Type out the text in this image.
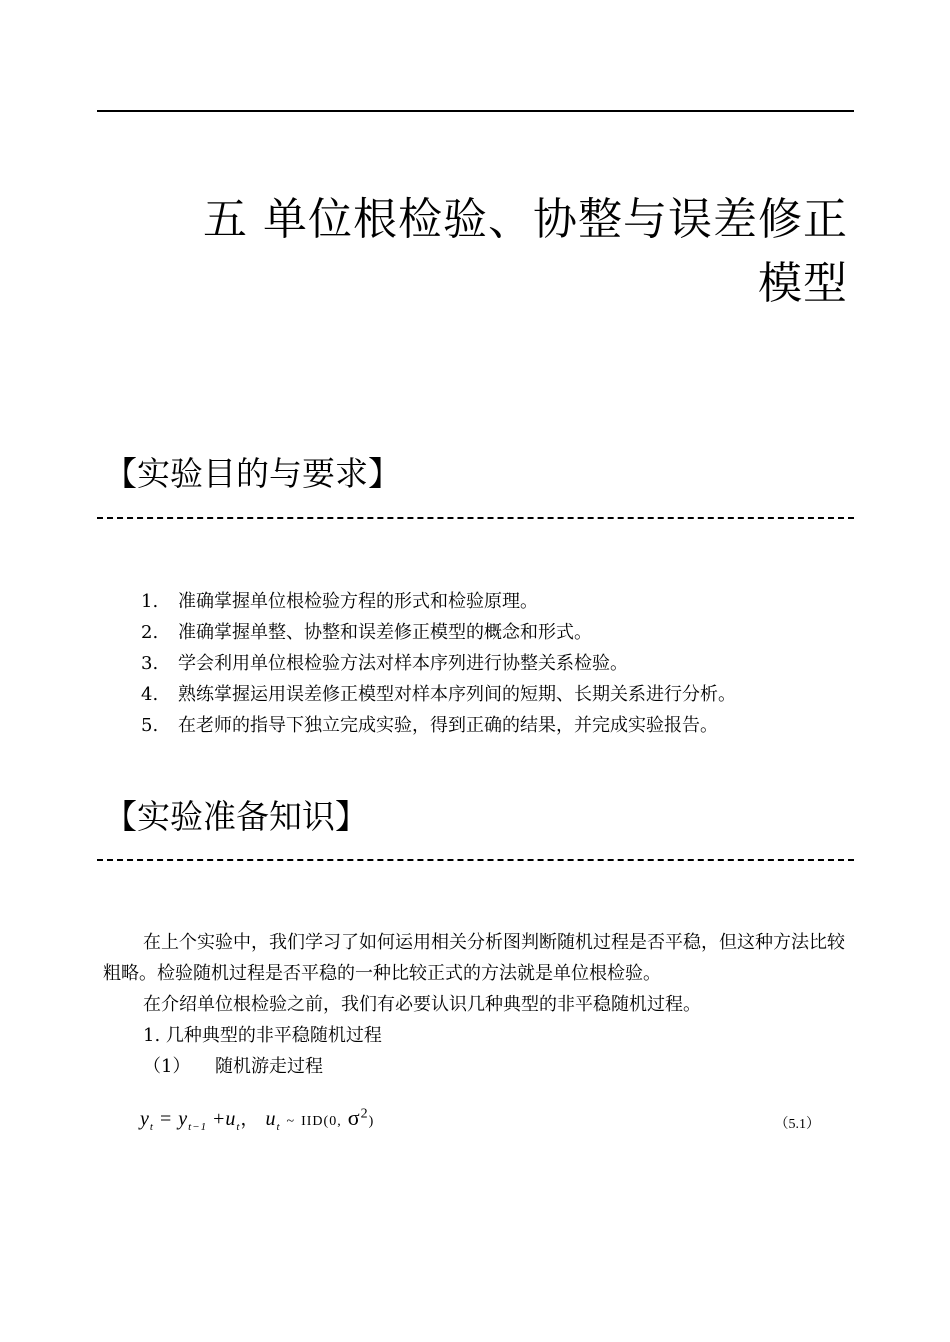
五 单位根检验、协整与误差修正
模型
【实验目的与要求】
1. 准确掌握单位根检验方程的形式和检验原理。
2. 准确掌握单整、协整和误差修正模型的概念和形式。
3. 学会利用单位根检验方法对样本序列进行协整关系检验。
4. 熟练掌握运用误差修正模型对样本序列间的短期、长期关系进行分析。
5. 在老师的指导下独立完成实验，得到正确的结果，并完成实验报告。
【实验准备知识】

在上个实验中，我们学习了如何运用相关分析图判断随机过程是否平稳，但这种方法比较粗略。检验随机过程是否平稳的一种比较正式的方法就是单位根检验。

在介绍单位根检验之前，我们有必要认识几种典型的非平稳随机过程。

1. 几种典型的非平稳随机过程

（1） 随机游走过程

$y_t = y_{t-1} +u_t$， $u_t$ ~ IID(0, $\sigma^2$)	（5.1）
